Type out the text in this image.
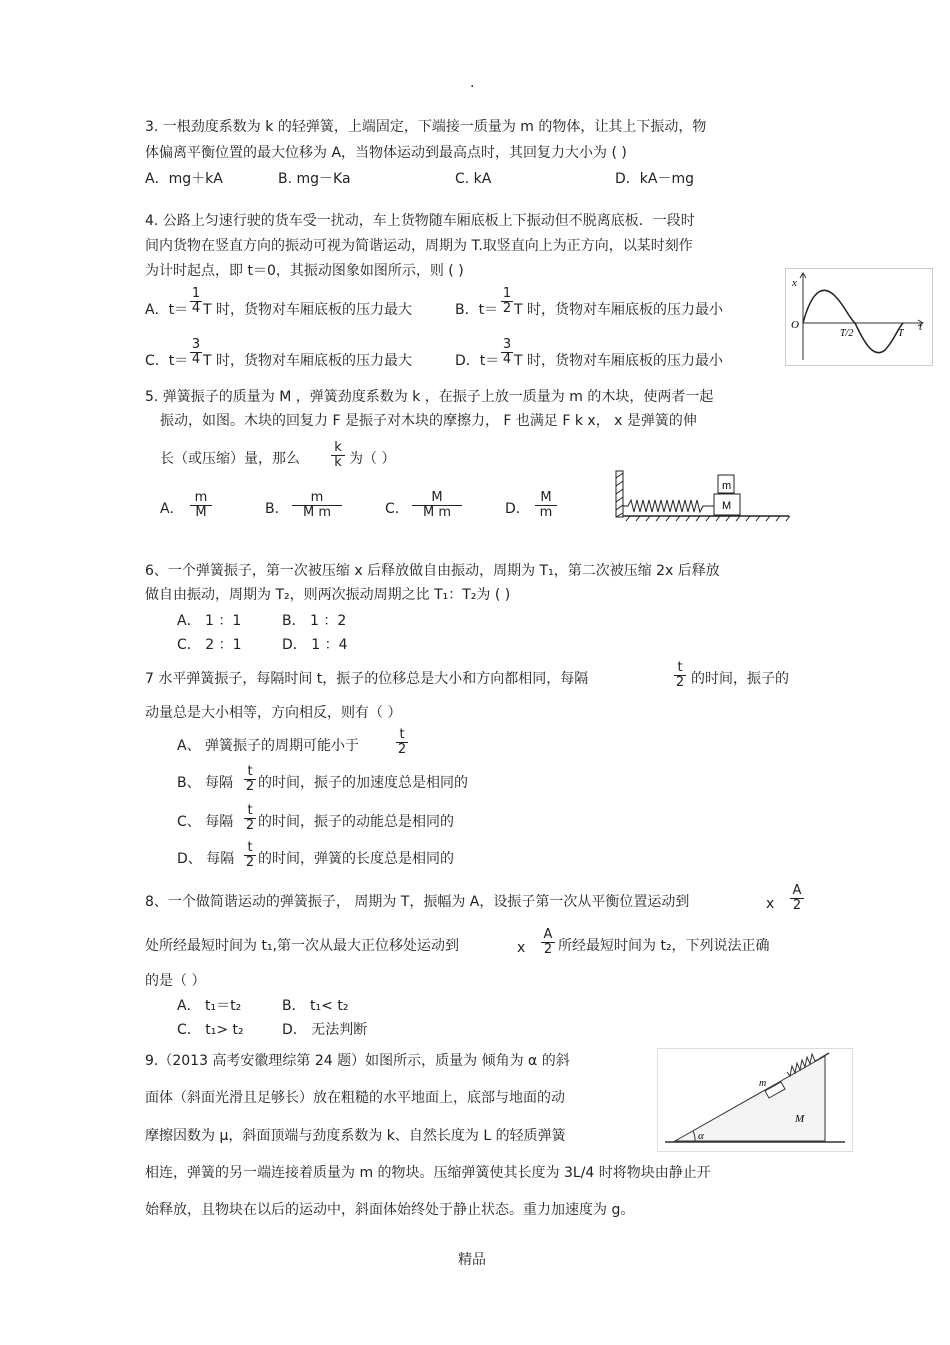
.
3. 一根劲度系数为 k 的轻弹簧，上端固定，下端接一质量为 m 的物体，让其上下振动，物
体偏离平衡位置的最大位移为 A，当物体运动到最高点时，其回复力大小为 ( )
A．mg＋kA	B. mg－Ka	C. kA	D．kA－mg
4. 公路上匀速行驶的货车受一扰动，车上货物随车厢底板上下振动但不脱离底板．一段时
间内货物在竖直方向的振动可视为简谐运动，周期为 T.取竖直向上为正方向，以某时刻作
为计时起点，即 t＝0，其振动图象如图所示，则 ( )
A．$t= \frac{1}{4}$ T 时，货物对车厢底板的压力最大	B．$t= \frac{1}{2}$ T 时，货物对车厢底板的压力最小
C．$t= \frac{3}{4}$ T 时，货物对车厢底板的压力最大	D．$t= \frac{3}{4}$ T 时，货物对车厢底板的压力最小
x
O
T/2	T
t
5. 弹簧振子的质量为 M ，弹簧劲度系数为 k ，在振子上放一质量为 m 的木块，使两者一起
振动，如图。木块的回复力 F 是振子对木块的摩擦力， F 也满足 F k x， x 是弹簧的伸
长（或压缩）量，那么 $\frac{k}{k}$ 为（ ）
A． $\frac{m}{M}$	B. $\frac{m}{\text{M m}}$	C. $\frac{M}{\text{M m}}$	D． $\frac{M}{m}$
m
M
6、一个弹簧振子，第一次被压缩 x 后释放做自由振动，周期为 T₁，第二次被压缩 2x 后释放
做自由振动，周期为 T₂，则两次振动周期之比 T₁：T₂为 ( )
A． 1 ：1	B． 1 ：2
C． 2 ：1	D． 1 ：4
7 水平弹簧振子，每隔时间 t，振子的位移总是大小和方向都相同，每隔	$\frac{t}{2}$ 的时间，振子的
动量总是大小相等，方向相反，则有（ ）
A、 弹簧振子的周期可能小于	$\frac{t}{2}$
B、 每隔 $\frac{t}{2}$ 的时间，振子的加速度总是相同的
C、 每隔 $\frac{t}{2}$ 的时间，振子的动能总是相同的
D、 每隔 $\frac{t}{2}$ 的时间，弹簧的长度总是相同的
8、一个做简谐运动的弹簧振子， 周期为 T，振幅为 A，设振子第一次从平衡位置运动到	x $\frac{A}{2}$
处所经最短时间为 t₁,第一次从最大正位移处运动到	x $\frac{A}{2}$ 所经最短时间为 t₂，下列说法正确
的是（ ）
A． t₁＝t₂	B． t₁< t₂
C． t₁> t₂	D． 无法判断
9.（2013 高考安徽理综第 24 题）如图所示，质量为 倾角为 α 的斜
面体（斜面光滑且足够长）放在粗糙的水平地面上，底部与地面的动
摩擦因数为 μ，斜面顶端与劲度系数为 k、自然长度为 L 的轻质弹簧
相连，弹簧的另一端连接着质量为 m 的物块。压缩弹簧使其长度为 3L/4 时将物块由静止开
始释放，且物块在以后的运动中，斜面体始终处于静止状态。重力加速度为 g。
m
M
α
精品
